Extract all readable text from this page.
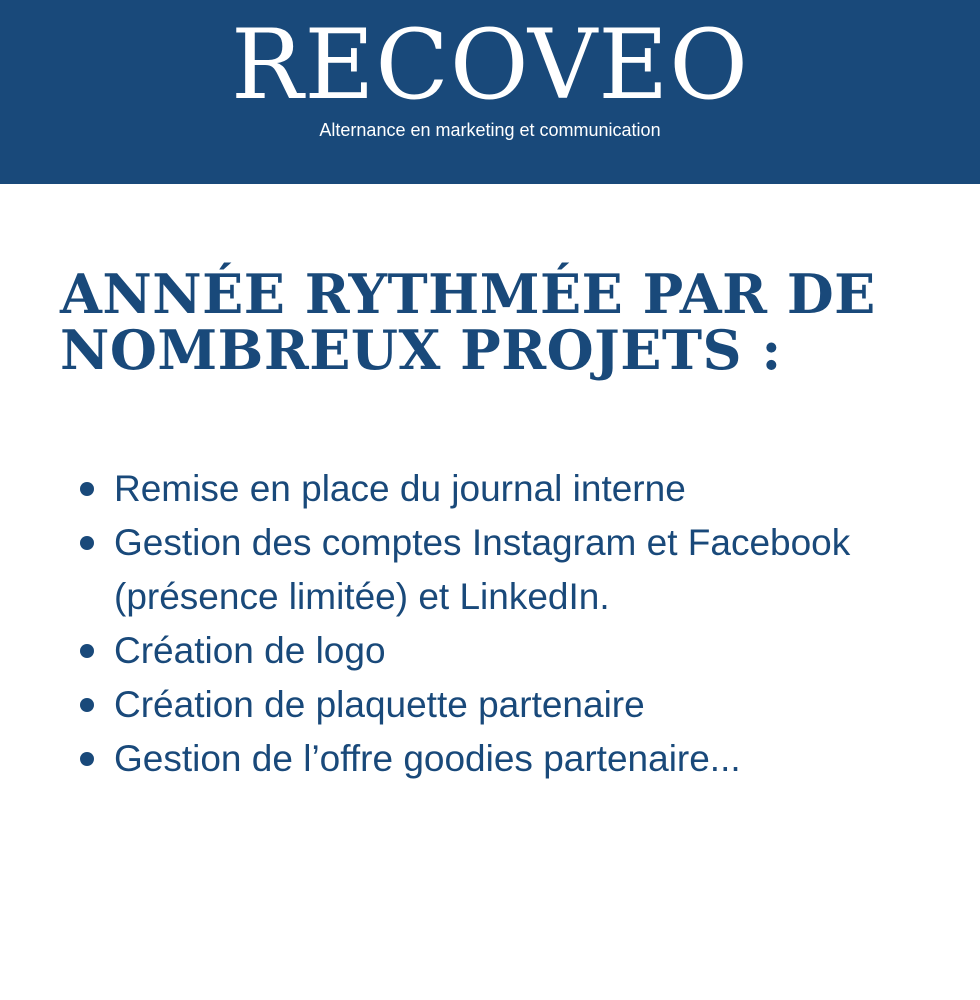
RECOVEO
Alternance en marketing et communication
ANNÉE RYTHMÉE PAR DE NOMBREUX PROJETS :
Remise en place du journal interne
Gestion des comptes Instagram et Facebook (présence limitée) et LinkedIn.
Création de logo
Création de plaquette partenaire
Gestion de l’offre goodies partenaire...
